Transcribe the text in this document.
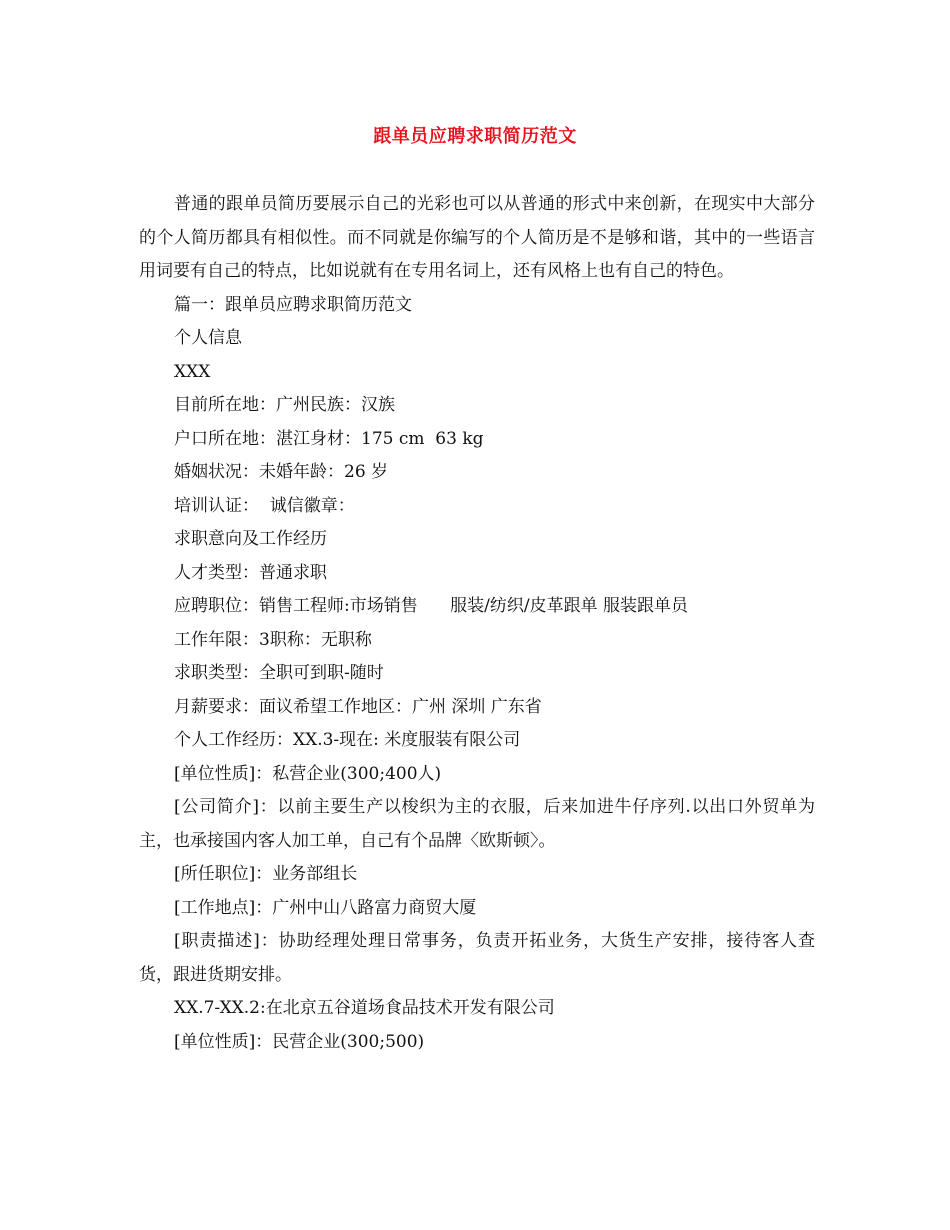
跟单员应聘求职简历范文

普通的跟单员简历要展示自己的光彩也可以从普通的形式中来创新，在现实中大部分的个人简历都具有相似性。而不同就是你编写的个人简历是不是够和谐，其中的一些语言用词要有自己的特点，比如说就有在专用名词上，还有风格上也有自己的特色。

篇一：跟单员应聘求职简历范文

个人信息

XXX

目前所在地：广州民族：汉族

户口所在地：湛江身材：175 cm  63 kg

婚姻状况：未婚年龄：26 岁

培训认证：  诚信徽章：

求职意向及工作经历

人才类型：普通求职

应聘职位：销售工程师:市场销售      服装/纺织/皮革跟单 服装跟单员

工作年限：3职称：无职称

求职类型：全职可到职-随时

月薪要求：面议希望工作地区：广州 深圳 广东省

个人工作经历：XX.3-现在: 米度服装有限公司

[单位性质]：私营企业(300;400人)

[公司简介]：以前主要生产以梭织为主的衣服，后来加进牛仔序列.以出口外贸单为主，也承接国内客人加工单，自己有个品牌〈欧斯顿〉。

[所任职位]：业务部组长

[工作地点]：广州中山八路富力商贸大厦

[职责描述]：协助经理处理日常事务，负责开拓业务，大货生产安排，接待客人查货，跟进货期安排。

XX.7-XX.2:在北京五谷道场食品技术开发有限公司

[单位性质]：民营企业(300;500)
